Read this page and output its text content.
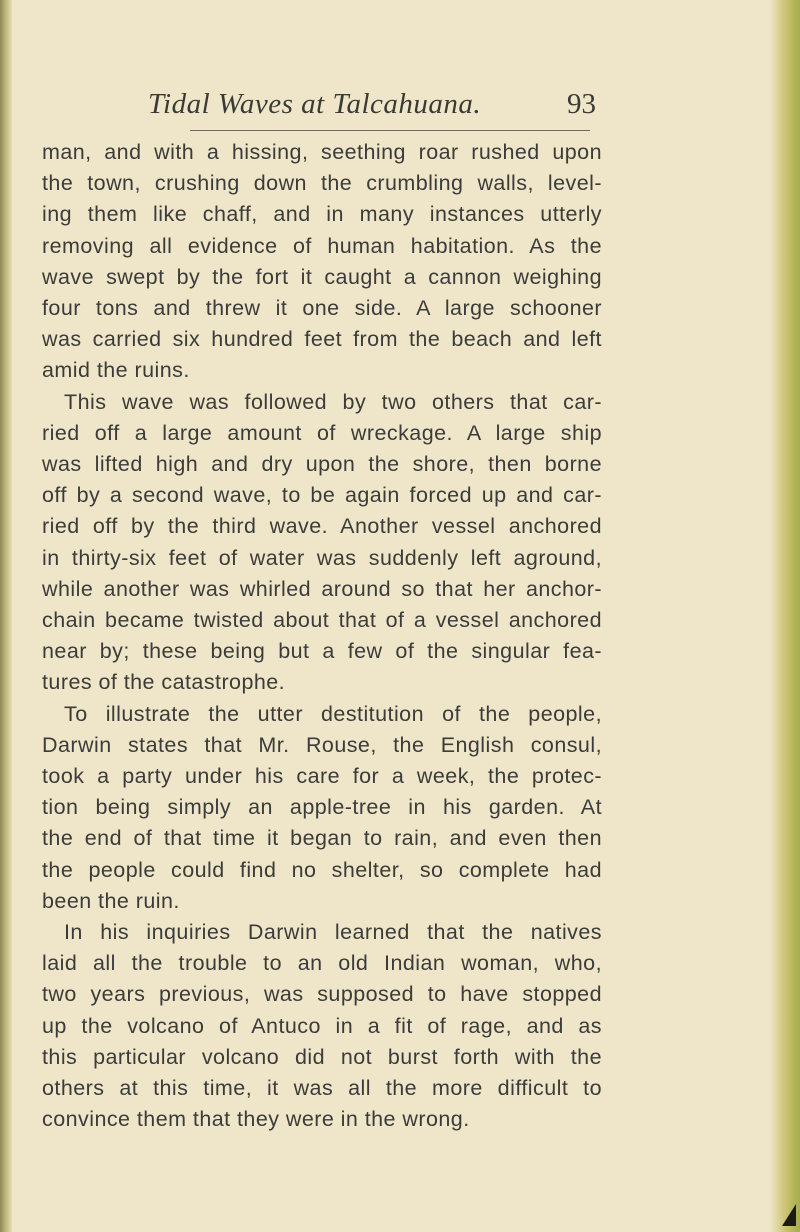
Tidal Waves at Talcahuana.	93
man, and with a hissing, seething roar rushed upon
the town, crushing down the crumbling walls, level-
ing them like chaff, and in many instances utterly
removing all evidence of human habitation. As the
wave swept by the fort it caught a cannon weighing
four tons and threw it one side. A large schooner
was carried six hundred feet from the beach and left
amid the ruins.
This wave was followed by two others that car-
ried off a large amount of wreckage. A large ship
was lifted high and dry upon the shore, then borne
off by a second wave, to be again forced up and car-
ried off by the third wave. Another vessel anchored
in thirty-six feet of water was suddenly left aground,
while another was whirled around so that her anchor-
chain became twisted about that of a vessel anchored
near by; these being but a few of the singular fea-
tures of the catastrophe.
To illustrate the utter destitution of the people,
Darwin states that Mr. Rouse, the English consul,
took a party under his care for a week, the protec-
tion being simply an apple-tree in his garden. At
the end of that time it began to rain, and even then
the people could find no shelter, so complete had
been the ruin.
In his inquiries Darwin learned that the natives
laid all the trouble to an old Indian woman, who,
two years previous, was supposed to have stopped
up the volcano of Antuco in a fit of rage, and as
this particular volcano did not burst forth with the
others at this time, it was all the more difficult to
convince them that they were in the wrong.
